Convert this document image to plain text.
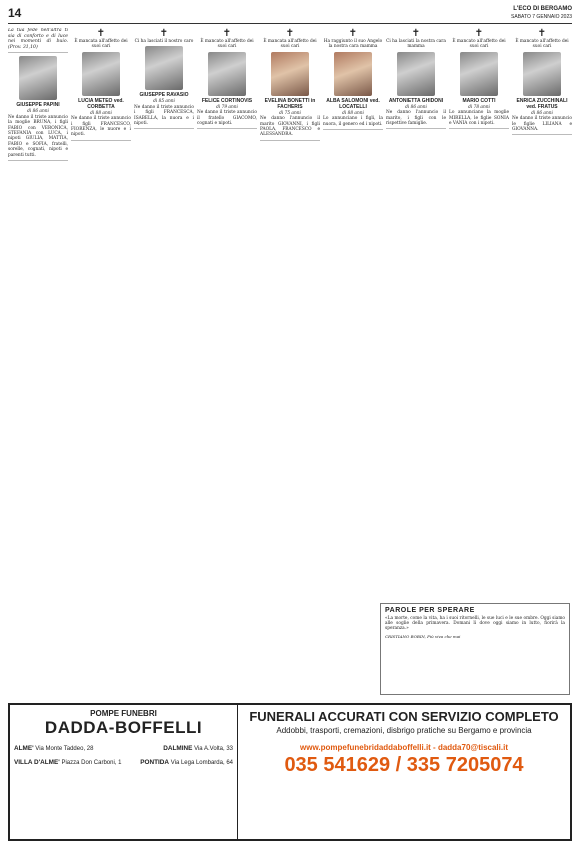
14	L'ECO DI BERGAMO
SABATO 7 GENNAIO 2023
La tua fede nell'altra ti sia di conforto e di luce nei momenti di buio. (Prov. 31,10)
GIUSEPPE PAPINI
di 86 anni
Ne danno il triste annuncio la moglie BRUNA, i figli FABIO con VERONICA, STEFANIA con LUCA, i nipoti GIULIA, MATTIA, FABIO e SOFIA, fratelli, sorelle, cognati, nipoti e parenti tutti.
✝
È mancata all'affetto dei suoi cari
LUCIA METEO ved. CORBETTA
di 88 anni
Ne danno il triste annuncio i figli FRANCESCO, FIORENZA, le nuore e i nipoti.
✝
Ci ha lasciati il nostro caro
GIUSEPPE RAVASIO
di 85 anni
Ne danno il triste annuncio i figli FRANCESCA, ISABELLA, la nuora e i nipoti.
✝
È mancato all'affetto dei suoi cari
FELICE CORTINOVIS
di 79 anni
Ne danno il triste annuncio il fratello GIACOMO, cognati e nipoti.
✝
È mancata all'affetto dei suoi cari
EVELINA BONETTI in FACHERIS
di 75 anni
Ne danno l'annuncio il marito GIOVANNI, i figli PAOLA, FRANCESCO e ALESSANDRA.
✝
Ha raggiunto il suo Angelo la nostra cara mamma
ALBA SALOMONI ved. LOCATELLI
di 88 anni
Lo annunciano i figli, la nuora, il genero ed i nipoti.
✝
Ci ha lasciati la nostra cara mamma
ANTONIETTA GHIDONI
di 86 anni
Ne danno l'annuncio il marito, i figli con le rispettive famiglie.
✝
È mancato all'affetto dei suoi cari
MARIO COTTI
di 78 anni
Lo annunciano la moglie MIRELLA, le figlie SONIA e VANIA con i nipoti.
✝
È mancato all'affetto dei suoi cari
ENRICA ZUCCHINALI ved. FRATUS
di 86 anni
Ne danno il triste annuncio le figlie LILIANA e GIOVANNA.
PAROLE PER SPERARE
«La morte, come la vita, ha i suoi ritornelli, le sue luci e le sue ombre. Oggi siamo alle soglie della primavera. Domani lì dove oggi siamo in lutto, fiorirà la speranza.»
CRISTIANO BOBIN, Più viva che mai
POMPE FUNEBRI
DADDA-BOFFELLI
ALME' Via Monte Taddeo, 28	DALMINE Via A.Volta, 33
VILLA D'ALME' Piazza Don Carboni, 1	PONTIDA Via Lega Lombarda, 64
FUNERALI ACCURATI CON SERVIZIO COMPLETO
Addobbi, trasporti, cremazioni, disbrigo pratiche su Bergamo e provincia
www.pompefunebridaddaboffelli.it - dadda70@tiscali.it
035 541629 / 335 7205074
